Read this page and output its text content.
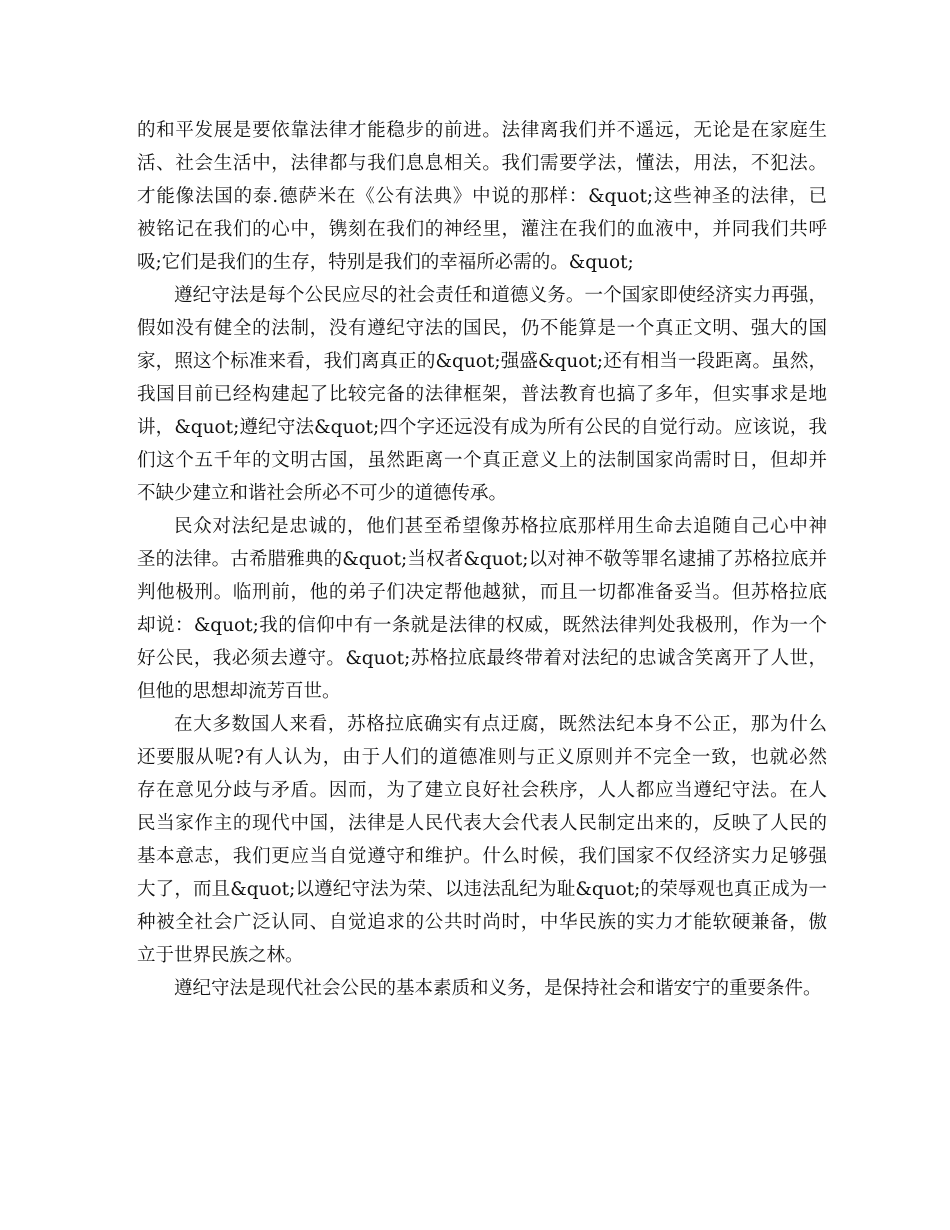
的和平发展是要依靠法律才能稳步的前进。法律离我们并不遥远，无论是在家庭生
活、社会生活中，法律都与我们息息相关。我们需要学法，懂法，用法，不犯法。
才能像法国的泰.德萨米在《公有法典》中说的那样：&quot;这些神圣的法律，已
被铭记在我们的心中，镌刻在我们的神经里，灌注在我们的血液中，并同我们共呼
吸;它们是我们的生存，特别是我们的幸福所必需的。&quot;
遵纪守法是每个公民应尽的社会责任和道德义务。一个国家即使经济实力再强，
假如没有健全的法制，没有遵纪守法的国民，仍不能算是一个真正文明、强大的国
家，照这个标准来看，我们离真正的&quot;强盛&quot;还有相当一段距离。虽然，
我国目前已经构建起了比较完备的法律框架，普法教育也搞了多年，但实事求是地
讲，&quot;遵纪守法&quot;四个字还远没有成为所有公民的自觉行动。应该说，我
们这个五千年的文明古国，虽然距离一个真正意义上的法制国家尚需时日，但却并
不缺少建立和谐社会所必不可少的道德传承。
民众对法纪是忠诚的，他们甚至希望像苏格拉底那样用生命去追随自己心中神
圣的法律。古希腊雅典的&quot;当权者&quot;以对神不敬等罪名逮捕了苏格拉底并
判他极刑。临刑前，他的弟子们决定帮他越狱，而且一切都准备妥当。但苏格拉底
却说：&quot;我的信仰中有一条就是法律的权威，既然法律判处我极刑，作为一个
好公民，我必须去遵守。&quot;苏格拉底最终带着对法纪的忠诚含笑离开了人世，
但他的思想却流芳百世。
在大多数国人来看，苏格拉底确实有点迂腐，既然法纪本身不公正，那为什么
还要服从呢?有人认为，由于人们的道德准则与正义原则并不完全一致，也就必然
存在意见分歧与矛盾。因而，为了建立良好社会秩序，人人都应当遵纪守法。在人
民当家作主的现代中国，法律是人民代表大会代表人民制定出来的，反映了人民的
基本意志，我们更应当自觉遵守和维护。什么时候，我们国家不仅经济实力足够强
大了，而且&quot;以遵纪守法为荣、以违法乱纪为耻&quot;的荣辱观也真正成为一
种被全社会广泛认同、自觉追求的公共时尚时，中华民族的实力才能软硬兼备，傲
立于世界民族之林。
遵纪守法是现代社会公民的基本素质和义务，是保持社会和谐安宁的重要条件。
